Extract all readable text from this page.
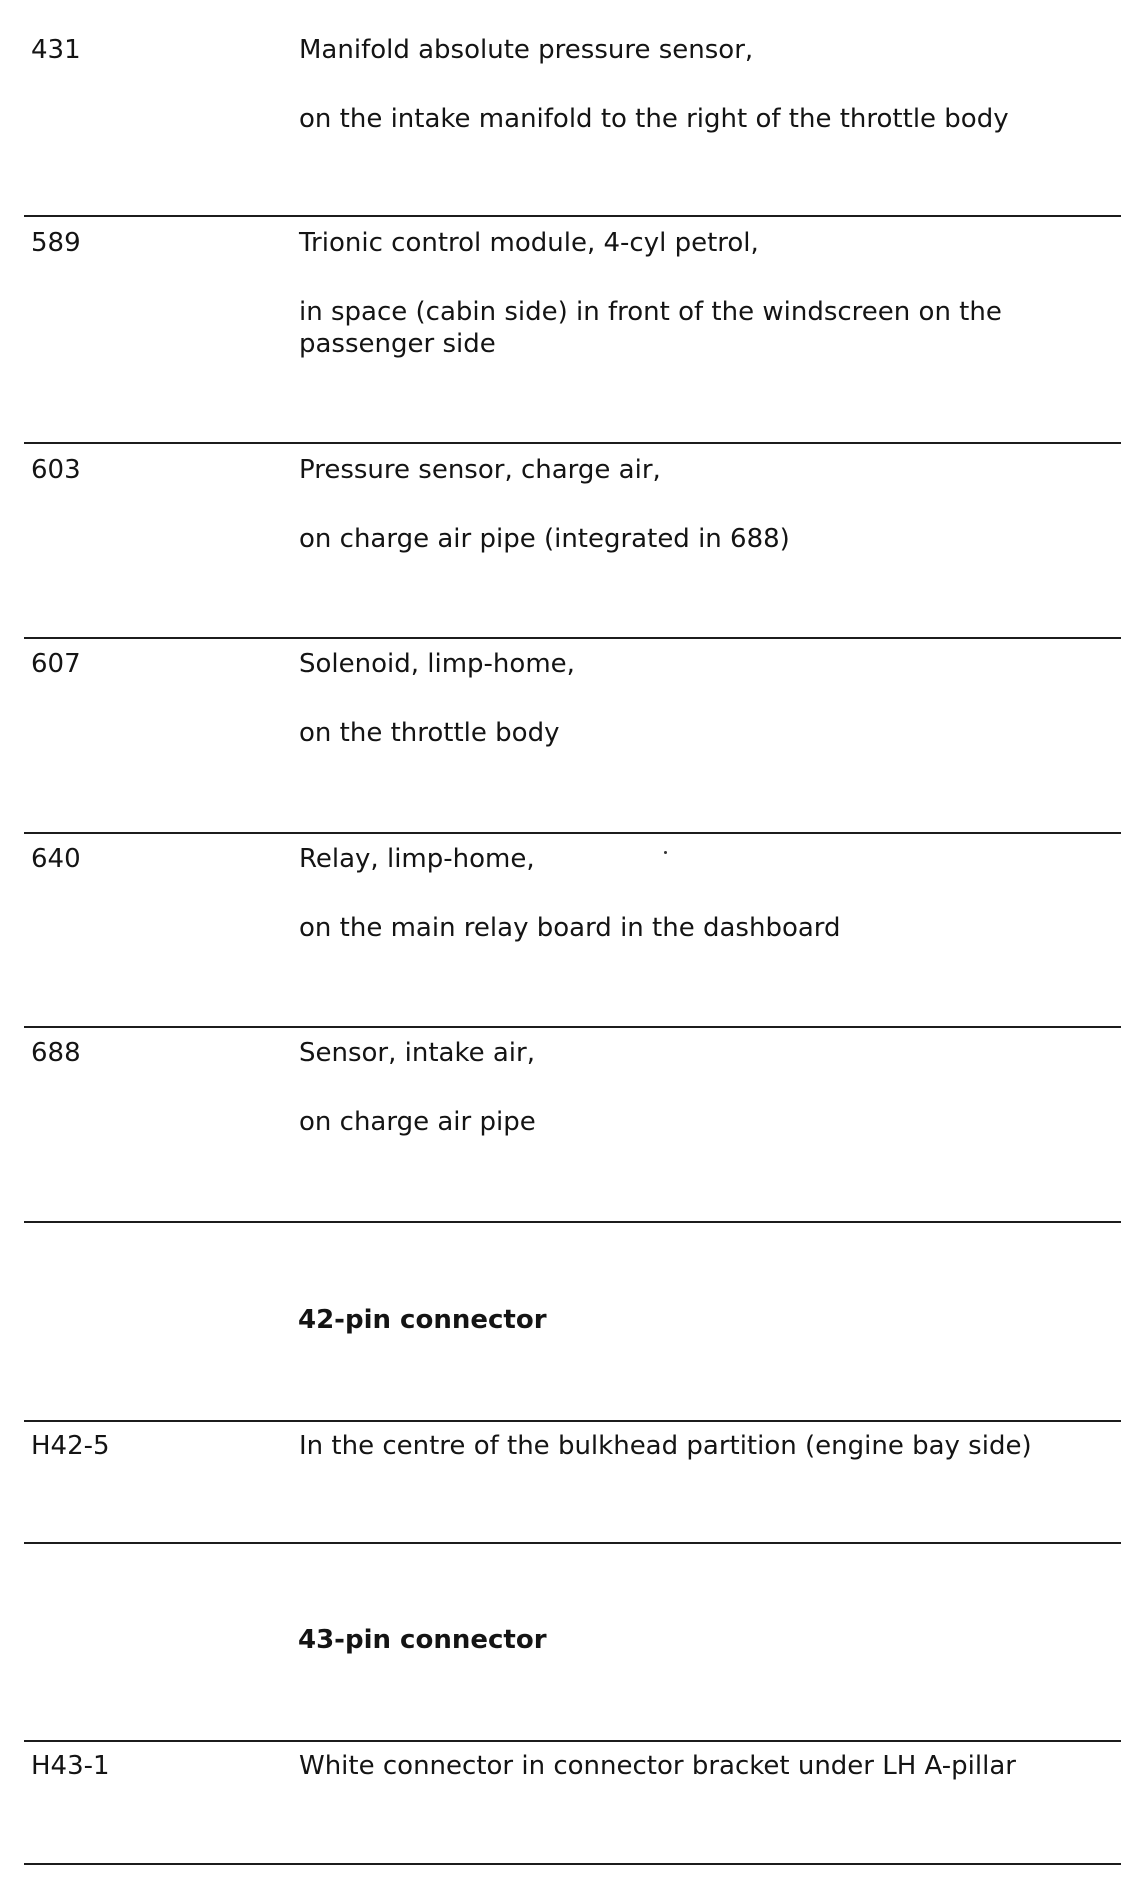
431	Manifold absolute pressure sensor,
on the intake manifold to the right of the throttle body
589	Trionic control module, 4-cyl petrol,
in space (cabin side) in front of the windscreen on the passenger side
603	Pressure sensor, charge air,
on charge air pipe (integrated in 688)
607	Solenoid, limp-home,
on the throttle body
640	Relay, limp-home,
on the main relay board in the dashboard
688	Sensor, intake air,
on charge air pipe
42-pin connector
H42-5	In the centre of the bulkhead partition (engine bay side)
43-pin connector
H43-1	White connector in connector bracket under LH A-pillar
